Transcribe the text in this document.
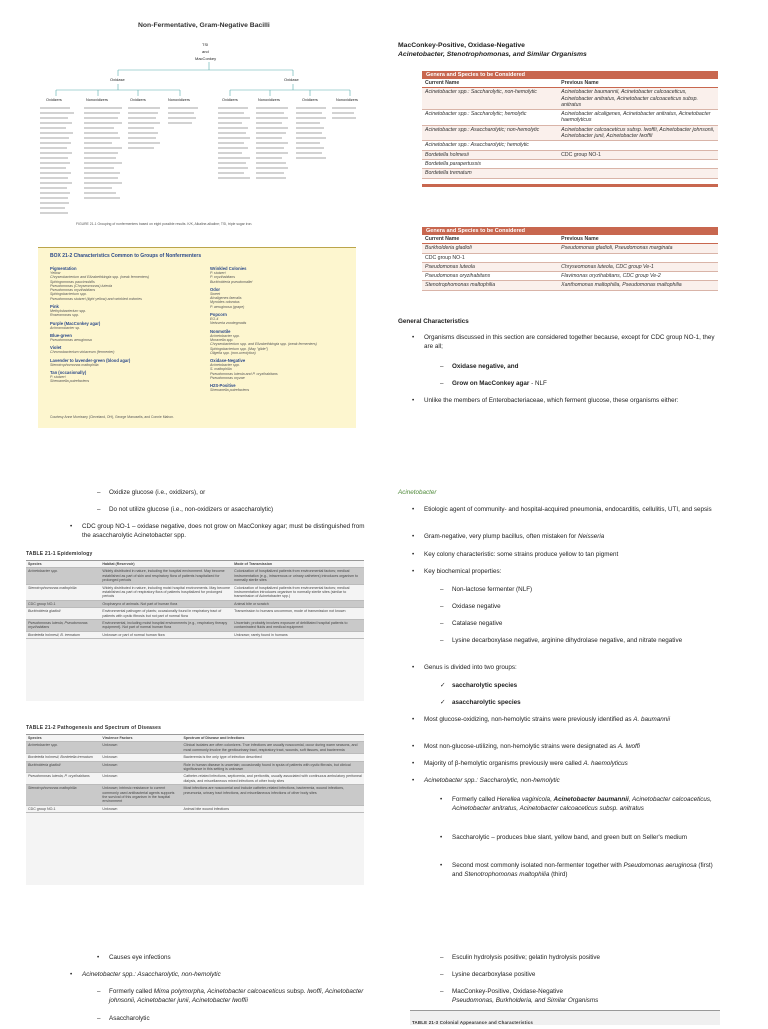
Non-Fermentative, Gram-Negative Bacilli
TSI
and
MacConkey
Oxidase	Oxidase
Oxidizers	Nonoxidizers	Oxidizers	Nonoxidizers	Oxidizers	Nonoxidizers	Oxidizers	Nonoxidizers
FIGURE 21-1 Grouping of nonfermenters based on eight possible results. K/K, Alkaline-alkaline; TSI, triple sugar iron.
BOX 21-2 Characteristics Common to Groups of Nonfermenters
Pigmentation
Yellow
Chryseobacterium and Elizabethkingia spp. (weak fermenters)
Sphingomonas paucimobilis
Pseudomonas (Chryseomonas) luteola
Pseudomonas oryzihabitans
Sphingobacterium spp.
Pseudomonas stutzeri (light yellow) and wrinkled colonies
Pink
Methylobacterium spp.
Roseomonas spp.
Purple (MacConkey agar)
Achromobacter sp.
Blue-green
Pseudomonas aeruginosa
Violet
Chromobacterium violaceum (fermenter)
Lavender to lavender-green (blood agar)
Stenotrophomonas maltophilia
Tan (occasionally)
P. stutzeri
Shewanella putrefaciens
Wrinkled Colonies
P. stutzeri
P. oryzihabitans
Burkholderia pseudomallei
Odor
Sweet
Alcaligenes faecalis
Myroides odoratus
P. aeruginosa (grape)
Popcorn
EO-4
Neisseria zoodegmatis
Nonmotile
Acinetobacter spp.
Moraxella spp.
Chryseobacterium spp. and Elizabethkingia spp. (weak fermenters)
Sphingobacterium spp. (May "glide")
Oligella spp. (non-ureolytica)
Oxidase-Negative
Acinetobacter spp.
S. maltophilia
Pseudomonas luteola and P. oryzihabitans
Pseudomonas oryzae
H2S-Positive
Shewanella putrefaciens
Courtesy Anne Morrissey (Cleveland, OH), George Manuselis, and Connie Mahon.
MacConkey-Positive, Oxidase-Negative
Acinetobacter, Stenotrophomonas, and Similar Organisms
Genera and Species to be Considered
Current Name	Previous Name
Acinetobacter spp.: Saccharolytic, non-hemolytic	Acinetobacter baumannii, Acinetobacter calcoaceticus, Acinetobacter anitratus, Acinetobacter calcoaceticus subsp. anitratus
Acinetobacter spp.: Saccharolytic; hemolytic	Acinetobacter alcaligenes, Acinetobacter anitratus, Acinetobacter haemolyticus
Acinetobacter spp.: Asaccharolytic; non-hemolytic	Acinetobacter calcoaceticus subsp. lwoffii, Acinetobacter johnsonii, Acinetobacter junii, Acinetobacter lwoffii
Acinetobacter spp.: Asaccharolytic; hemolytic	
Bordetella holmesii	CDC group NO-1
Bordetella parapertussis	
Bordetella trematum	
Genera and Species to be Considered
Current Name	Previous Name
Burkholderia gladioli	Pseudomonas gladioli, Pseudomonas marginata
CDC group NO-1	
Pseudomonas luteola	Chryseomonas luteola, CDC group Ve-1
Pseudomonas oryzihabitans	Flavimonas oryzihabitans, CDC group Ve-2
Stenotrophomonas maltophilia	Xanthomonas maltophilia, Pseudomonas maltophilia
General Characteristics
• Organisms discussed in this section are considered together because, except for CDC group NO-1, they are all;
– Oxidase negative, and
– Grow on MacConkey agar - NLF
• Unlike the members of Enterobacteriaceae, which ferment glucose, these organisms either:
– Oxidize glucose (i.e., oxidizers), or
– Do not utilize glucose (i.e., non-oxidizers or asaccharolytic)
• CDC group NO-1 – oxidase negative, does not grow on MacConkey agar; must be distinguished from the asaccharolytic Acinetobacter spp.
TABLE 21-1 Epidemiology
Species	Habitat (Reservoir)	Mode of Transmission
Acinetobacter spp.	Widely distributed in nature, including the hospital environment. May become established as part of skin and respiratory flora of patients hospitalized for prolonged periods	Colonization of hospitalized patients from environmental factors; medical instrumentation (e.g., intravenous or urinary catheters) introduces organism to normally sterile sites
Stenotrophomonas maltophilia	Widely distributed in nature, including moist hospital environments. May become established as part of respiratory flora of patients hospitalized for prolonged periods	Colonization of hospitalized patients from environmental factors; medical instrumentation introduces organism to normally sterile sites (similar to transmission of Acinetobacter spp.)
CDC group NO-1	Oropharynx of animals. Not part of human flora	Animal bite or scratch
Burkholderia gladioli	Environmental pathogen of plants; occasionally found in respiratory tract of patients with cystic fibrosis but not part of normal flora	Transmission to humans uncommon, mode of transmission not known
Pseudomonas luteola, Pseudomonas oryzihabitans	Environmental, including moist hospital environments (e.g., respiratory therapy equipment). Not part of normal human flora	Uncertain; probably involves exposure of debilitated hospital patients to contaminated fluids and medical equipment
Bordetella holmesii, B. trematum	Unknown or part of normal human flora	Unknown; rarely found in humans
TABLE 21-2 Pathogenesis and Spectrum of Diseases
Species	Virulence Factors	Spectrum of Disease and Infections
Acinetobacter spp.	Unknown	Clinical isolates are often colonizers. True infections are usually nosocomial, occur during warm seasons, and most commonly involve the genitourinary tract, respiratory tract, wounds, soft tissues, and bacteremia
Bordetella holmesii, Bordetella trematum	Unknown	Bacteremia is the only type of infection described
Burkholderia gladioli	Unknown	Role in human disease is uncertain; occasionally found in sputa of patients with cystic fibrosis, but clinical significance in this setting is unknown
Pseudomonas luteola, P. oryzihabitans	Unknown	Catheter-related infections, septicemia, and peritonitis, usually associated with continuous ambulatory peritoneal dialysis, and miscellaneous mixed infections of other body sites
Stenotrophomonas maltophilia	Unknown; intrinsic resistance to current commonly used antibacterial agents supports the survival of this organism in the hospital environment	Most infections are nosocomial and include catheter-related infections, bacteremia, wound infections, pneumonia, urinary tract infections, and miscellaneous infections of other body sites
CDC group NO-1	Unknown	Animal bite wound infections
Acinetobacter
• Etiologic agent of community- and hospital-acquired pneumonia, endocarditis, cellulitis, UTI, and sepsis
• Gram-negative, very plump bacillus, often mistaken for Neisseria
• Key colony characteristic: some strains produce yellow to tan pigment
• Key biochemical properties:
– Non-lactose fermenter (NLF)
– Oxidase negative
– Catalase negative
– Lysine decarboxylase negative, arginine dihydrolase negative, and nitrate negative
• Genus is divided into two groups:
✓ saccharolytic species
✓ asaccharolytic species
• Most glucose-oxidizing, non-hemolytic strains were previously identified as A. baumannii
• Most non-glucose-utilizing, non-hemolytic strains were designated as A. lwoffi
• Majority of β-hemolytic organisms previously were called A. haemolyticus
• Acinetobacter spp.: Saccharolytic, non-hemolytic
• Formerly called Herellea vaginicola, Acinetobacter baumannii, Acinetobacter calcoaceticus, Acinetobacter anitratus, Acinetobacter calcoaceticus subsp. anitratus
• Saccharolytic – produces blue slant, yellow band, and green butt on Seller's medium
• Second most commonly isolated non-fermenter together with Pseudomonas aeruginosa (first) and Stenotrophomonas maltophilia (third)
• Causes eye infections
• Acinetobacter spp.: Asaccharolytic, non-hemolytic
– Formerly called Mima polymorpha, Acinetobacter calcoaceticus subsp. lwoffi, Acinetobacter johnsonii, Acinetobacter junii, Acinetobacter lwoffii
– Asaccharolytic
– Esculin hydrolysis positive; gelatin hydrolysis positive
– Lysine decarboxylase positive
– MacConkey-Positive, Oxidase-Negative
Pseudomonas, Burkholderia, and Similar Organisms
TABLE 21-3 Colonial Appearance and Characteristics
